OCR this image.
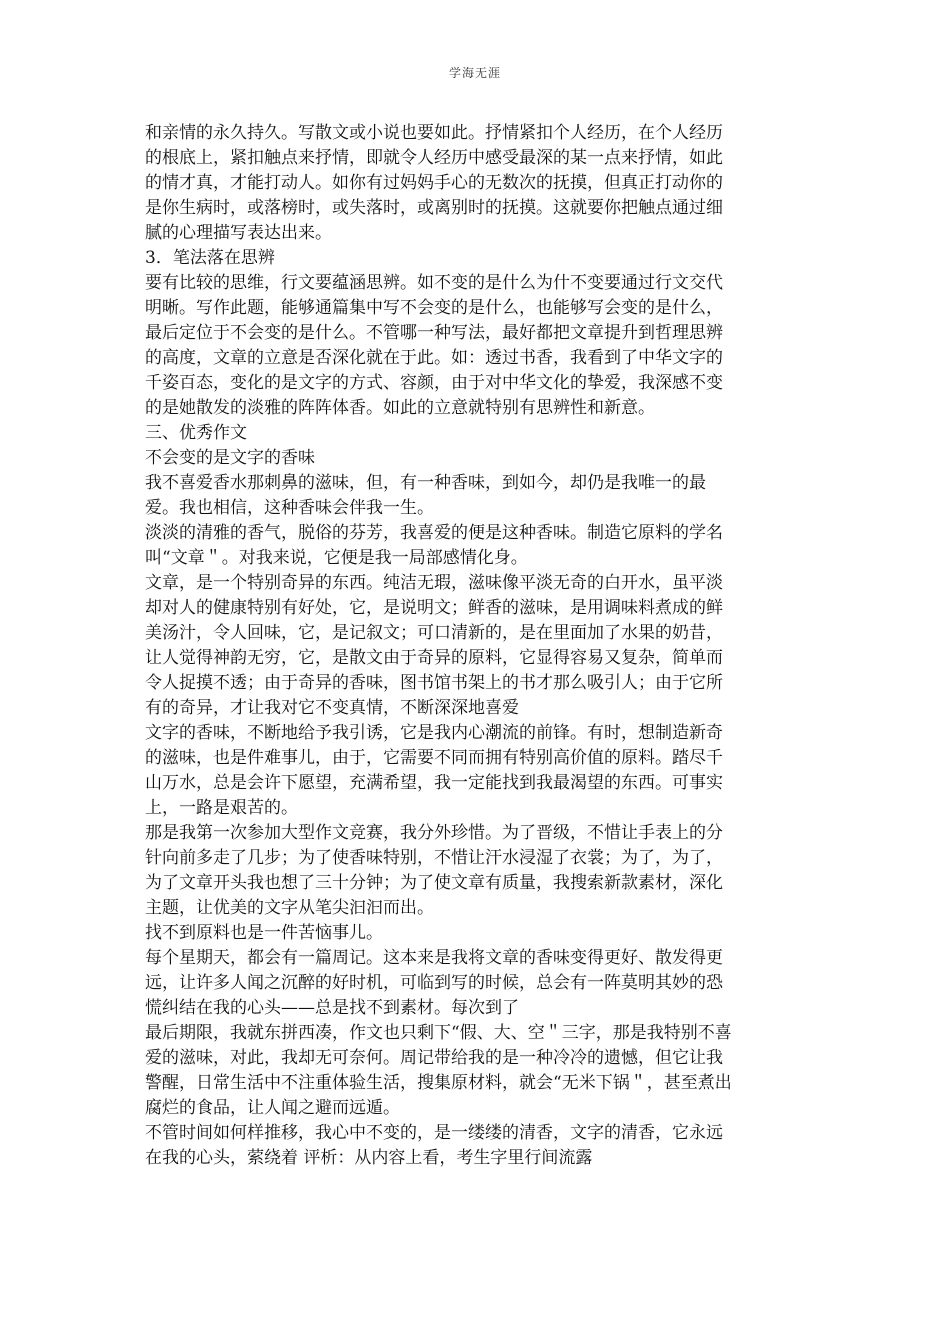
学海无涯
和亲情的永久持久。写散文或小说也要如此。抒情紧扣个人经历，在个人经历
的根底上，紧扣触点来抒情，即就令人经历中感受最深的某一点来抒情，如此
的情才真，才能打动人。如你有过妈妈手心的无数次的抚摸，但真正打动你的
是你生病时，或落榜时，或失落时，或离别时的抚摸。这就要你把触点通过细
腻的心理描写表达出来。
3．笔法落在思辨
要有比较的思维，行文要蕴涵思辨。如不变的是什么为什不变要通过行文交代
明晰。写作此题，能够通篇集中写不会变的是什么，也能够写会变的是什么，
最后定位于不会变的是什么。不管哪一种写法，最好都把文章提升到哲理思辨
的高度，文章的立意是否深化就在于此。如：透过书香，我看到了中华文字的
千姿百态，变化的是文字的方式、容颜，由于对中华文化的挚爱，我深感不变
的是她散发的淡雅的阵阵体香。如此的立意就特别有思辨性和新意。
三、优秀作文
不会变的是文字的香味
我不喜爱香水那刺鼻的滋味，但，有一种香味，到如今，却仍是我唯一的最
爱。我也相信，这种香味会伴我一生。
淡淡的清雅的香气，脱俗的芬芳，我喜爱的便是这种香味。制造它原料的学名
叫“文章＂。对我来说，它便是我一局部感情化身。
文章，是一个特别奇异的东西。纯洁无瑕，滋味像平淡无奇的白开水，虽平淡
却对人的健康特别有好处，它，是说明文；鲜香的滋味，是用调味料煮成的鲜
美汤汁，令人回味，它，是记叙文；可口清新的，是在里面加了水果的奶昔，
让人觉得神韵无穷，它，是散文由于奇异的原料，它显得容易又复杂，简单而
令人捉摸不透；由于奇异的香味，图书馆书架上的书才那么吸引人；由于它所
有的奇异，才让我对它不变真情，不断深深地喜爱
文字的香味，不断地给予我引诱，它是我内心潮流的前锋。有时，想制造新奇
的滋味，也是件难事儿，由于，它需要不同而拥有特别高价值的原料。踏尽千
山万水，总是会许下愿望，充满希望，我一定能找到我最渴望的东西。可事实
上，一路是艰苦的。
那是我第一次参加大型作文竞赛，我分外珍惜。为了晋级，不惜让手表上的分
针向前多走了几步；为了使香味特别，不惜让汗水浸湿了衣裳；为了，为了，
为了文章开头我也想了三十分钟；为了使文章有质量，我搜索新款素材，深化
主题，让优美的文字从笔尖汩汩而出。
找不到原料也是一件苦恼事儿。
每个星期天，都会有一篇周记。这本来是我将文章的香味变得更好、散发得更
远，让许多人闻之沉醉的好时机，可临到写的时候，总会有一阵莫明其妙的恐
慌纠结在我的心头——总是找不到素材。每次到了
最后期限，我就东拼西凑，作文也只剩下“假、大、空＂三字，那是我特别不喜
爱的滋味，对此，我却无可奈何。周记带给我的是一种冷冷的遗憾，但它让我
警醒，日常生活中不注重体验生活，搜集原材料，就会“无米下锅＂，甚至煮出
腐烂的食品，让人闻之避而远遁。
不管时间如何样推移，我心中不变的，是一缕缕的清香，文字的清香，它永远
在我的心头，萦绕着 评析：从内容上看，考生字里行间流露
